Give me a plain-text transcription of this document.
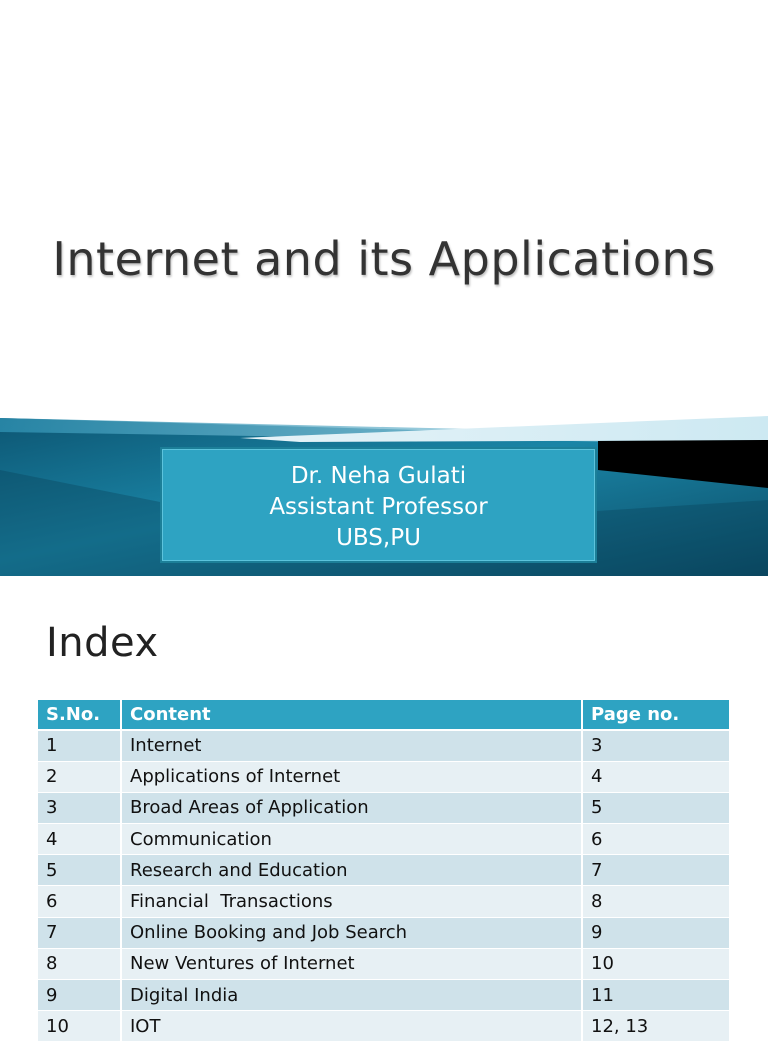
Internet and its Applications
Dr. Neha Gulati
Assistant Professor
UBS,PU
Index
S.No.	Content	Page no.
1	Internet	3
2	Applications of Internet	4
3	Broad Areas of Application	5
4	Communication	6
5	Research and Education	7
6	Financial  Transactions	8
7	Online Booking and Job Search	9
8	New Ventures of Internet	10
9	Digital India	11
10	IOT	12, 13
